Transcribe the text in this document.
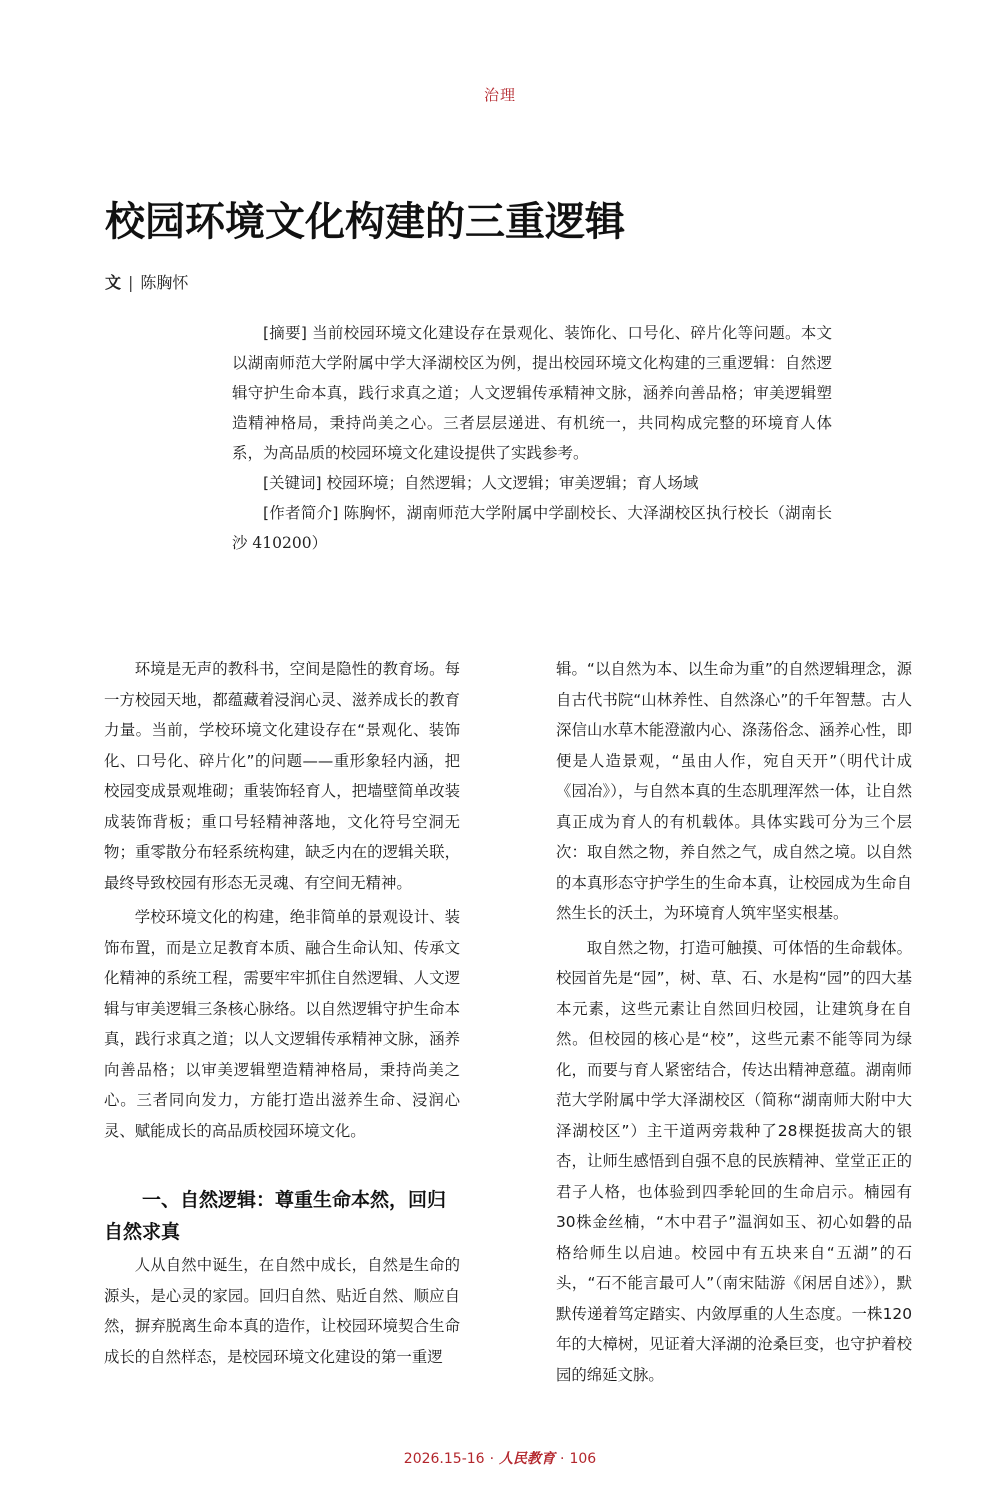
治理
校园环境文化构建的三重逻辑
文 | 陈胸怀

[摘要] 当前校园环境文化建设存在景观化、装饰化、口号化、碎片化等问题。本文以湖南师范大学附属中学大泽湖校区为例，提出校园环境文化构建的三重逻辑：自然逻辑守护生命本真，践行求真之道；人文逻辑传承精神文脉，涵养向善品格；审美逻辑塑造精神格局，秉持尚美之心。三者层层递进、有机统一，共同构成完整的环境育人体系，为高品质的校园环境文化建设提供了实践参考。

[关键词] 校园环境；自然逻辑；人文逻辑；审美逻辑；育人场域

[作者简介] 陈胸怀，湖南师范大学附属中学副校长、大泽湖校区执行校长（湖南长沙 410200）

环境是无声的教科书，空间是隐性的教育场。每一方校园天地，都蕴藏着浸润心灵、滋养成长的教育力量。当前，学校环境文化建设存在“景观化、装饰化、口号化、碎片化”的问题——重形象轻内涵，把校园变成景观堆砌；重装饰轻育人，把墙壁简单改装成装饰背板；重口号轻精神落地，文化符号空洞无物；重零散分布轻系统构建，缺乏内在的逻辑关联，最终导致校园有形态无灵魂、有空间无精神。

学校环境文化的构建，绝非简单的景观设计、装饰布置，而是立足教育本质、融合生命认知、传承文化精神的系统工程，需要牢牢抓住自然逻辑、人文逻辑与审美逻辑三条核心脉络。以自然逻辑守护生命本真，践行求真之道；以人文逻辑传承精神文脉，涵养向善品格；以审美逻辑塑造精神格局，秉持尚美之心。三者同向发力，方能打造出滋养生命、浸润心灵、赋能成长的高品质校园环境文化。

一、自然逻辑：尊重生命本然，回归自然求真

人从自然中诞生，在自然中成长，自然是生命的源头，是心灵的家园。回归自然、贴近自然、顺应自然，摒弃脱离生命本真的造作，让校园环境契合生命成长的自然样态，是校园环境文化建设的第一重逻

辑。“以自然为本、以生命为重”的自然逻辑理念，源自古代书院“山林养性、自然涤心”的千年智慧。古人深信山水草木能澄澈内心、涤荡俗念、涵养心性，即便是人造景观，“虽由人作，宛自天开”（明代计成《园冶》），与自然本真的生态肌理浑然一体，让自然真正成为育人的有机载体。具体实践可分为三个层次：取自然之物，养自然之气，成自然之境。以自然的本真形态守护学生的生命本真，让校园成为生命自然生长的沃土，为环境育人筑牢坚实根基。

取自然之物，打造可触摸、可体悟的生命载体。校园首先是“园”，树、草、石、水是构“园”的四大基本元素，这些元素让自然回归校园，让建筑身在自然。但校园的核心是“校”，这些元素不能等同为绿化，而要与育人紧密结合，传达出精神意蕴。湖南师范大学附属中学大泽湖校区（简称“湖南师大附中大泽湖校区”）主干道两旁栽种了28棵挺拔高大的银杏，让师生感悟到自强不息的民族精神、堂堂正正的君子人格，也体验到四季轮回的生命启示。楠园有30株金丝楠，“木中君子”温润如玉、初心如磐的品格给师生以启迪。校园中有五块来自“五湖”的石头，“石不能言最可人”（南宋陆游《闲居自述》），默默传递着笃定踏实、内敛厚重的人生态度。一株120年的大樟树，见证着大泽湖的沧桑巨变，也守护着校园的绵延文脉。

2026.15-16 · 人民教育 · 106
